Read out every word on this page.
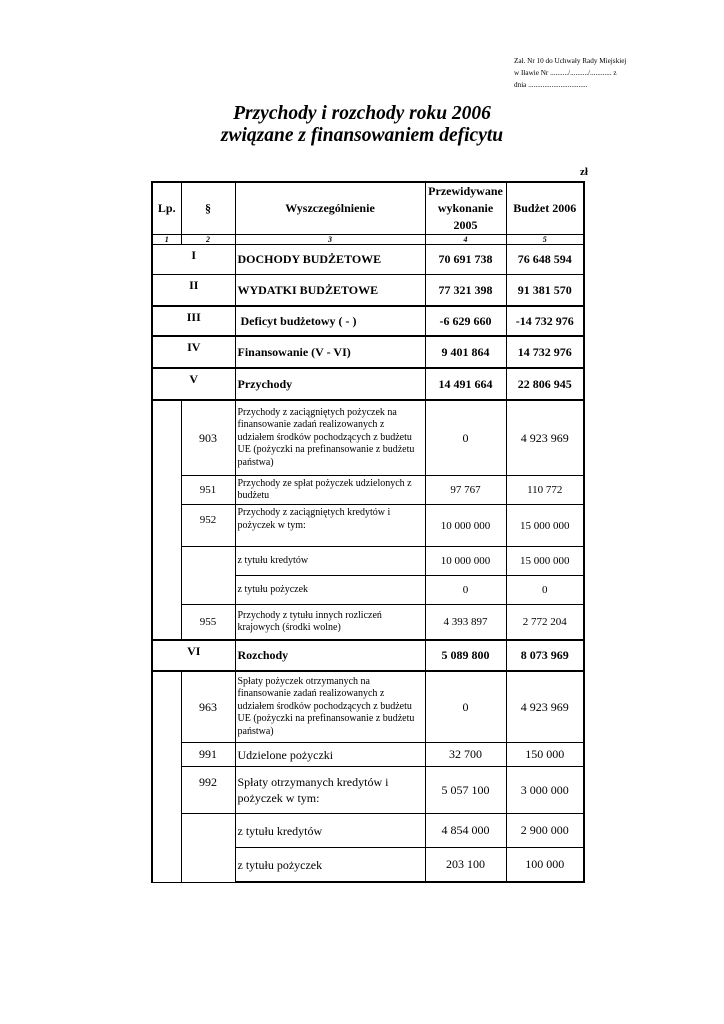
Zał. Nr 10 do Uchwały Rady Miejskiej
w Iławie Nr ........../........../............ z
dnia .................................
Przychody i rozchody roku 2006
związane z finansowaniem deficytu
zł
Lp.	§	Wyszczególnienie	Przewidywane wykonanie 2005	Budżet 2006
1	2	3	4	5
I		DOCHODY BUDŻETOWE	70 691 738	76 648 594
II		WYDATKI BUDŻETOWE	77 321 398	91 381 570
III		Deficyt budżetowy ( - )	-6 629 660	-14 732 976
IV		Finansowanie (V - VI)	9 401 864	14 732 976
V		Przychody	14 491 664	22 806 945
	903	Przychody z zaciągniętych pożyczek na finansowanie zadań realizowanych z udziałem środków pochodzących z budżetu UE (pożyczki na prefinansowanie z budżetu państwa)	0	4 923 969
	951	Przychody ze spłat pożyczek udzielonych z budżetu	97 767	110 772
	952	Przychody z zaciągniętych kredytów i pożyczek w tym:	10 000 000	15 000 000
		z tytułu kredytów	10 000 000	15 000 000
		z tytułu pożyczek	0	0
	955	Przychody z tytułu innych rozliczeń krajowych (środki wolne)	4 393 897	2 772 204
VI		Rozchody	5 089 800	8 073 969
	963	Spłaty pożyczek otrzymanych na finansowanie zadań realizowanych z udziałem środków pochodzących z budżetu UE (pożyczki na prefinansowanie z budżetu państwa)	0	4 923 969
	991	Udzielone pożyczki	32 700	150 000
	992	Spłaty otrzymanych kredytów i pożyczek w tym:	5 057 100	3 000 000
		z tytułu kredytów	4 854 000	2 900 000
		z tytułu pożyczek	203 100	100 000
